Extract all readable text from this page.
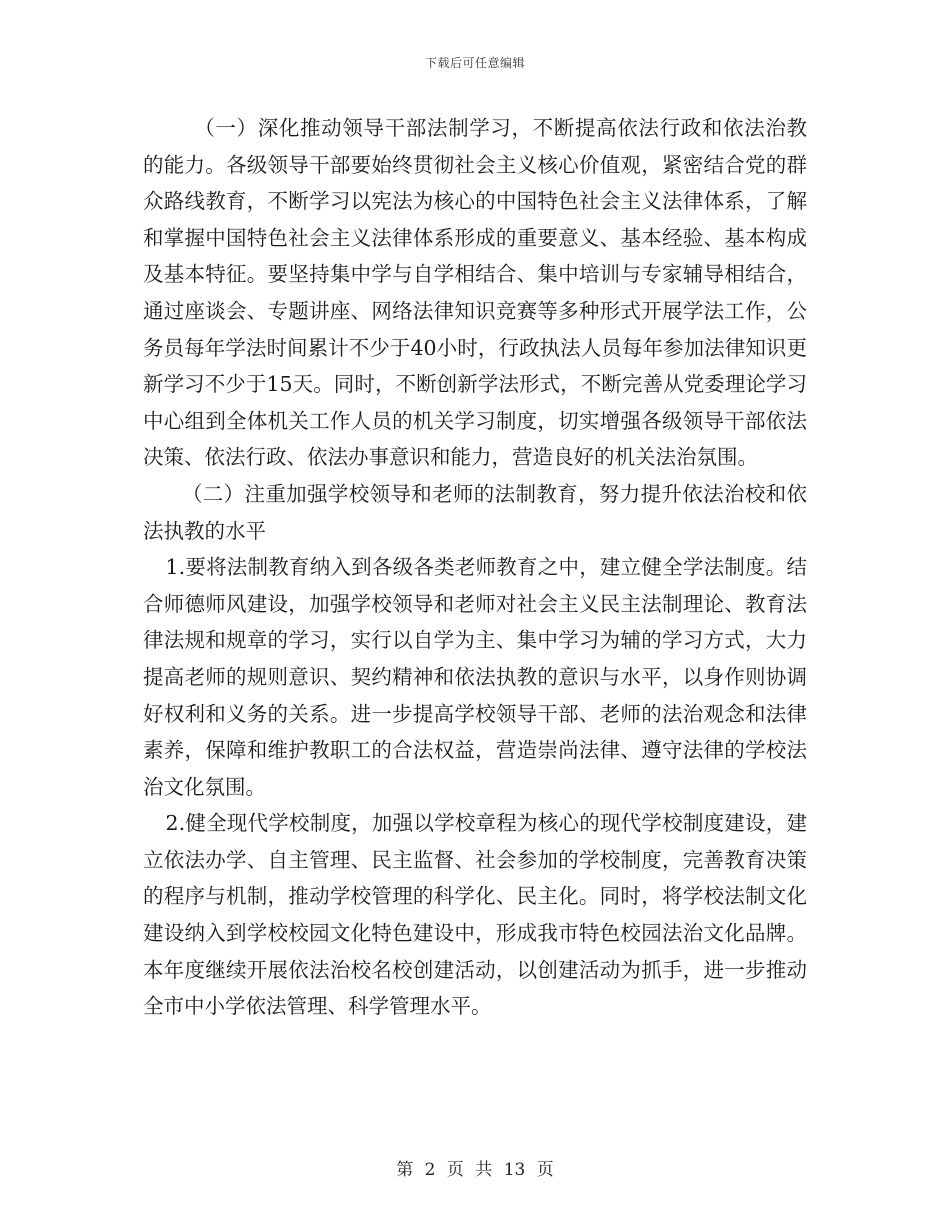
下载后可任意编辑

（一）深化推动领导干部法制学习，不断提高依法行政和依法治教的能力。各级领导干部要始终贯彻社会主义核心价值观，紧密结合党的群众路线教育，不断学习以宪法为核心的中国特色社会主义法律体系，了解和掌握中国特色社会主义法律体系形成的重要意义、基本经验、基本构成及基本特征。要坚持集中学与自学相结合、集中培训与专家辅导相结合，通过座谈会、专题讲座、网络法律知识竞赛等多种形式开展学法工作，公务员每年学法时间累计不少于40小时，行政执法人员每年参加法律知识更新学习不少于15天。同时，不断创新学法形式，不断完善从党委理论学习中心组到全体机关工作人员的机关学习制度，切实增强各级领导干部依法决策、依法行政、依法办事意识和能力，营造良好的机关法治氛围。

（二）注重加强学校领导和老师的法制教育，努力提升依法治校和依法执教的水平

1.要将法制教育纳入到各级各类老师教育之中，建立健全学法制度。结合师德师风建设，加强学校领导和老师对社会主义民主法制理论、教育法律法规和规章的学习，实行以自学为主、集中学习为辅的学习方式，大力提高老师的规则意识、契约精神和依法执教的意识与水平，以身作则协调好权利和义务的关系。进一步提高学校领导干部、老师的法治观念和法律素养，保障和维护教职工的合法权益，营造崇尚法律、遵守法律的学校法治文化氛围。

2.健全现代学校制度，加强以学校章程为核心的现代学校制度建设，建立依法办学、自主管理、民主监督、社会参加的学校制度，完善教育决策的程序与机制，推动学校管理的科学化、民主化。同时，将学校法制文化建设纳入到学校校园文化特色建设中，形成我市特色校园法治文化品牌。本年度继续开展依法治校名校创建活动，以创建活动为抓手，进一步推动全市中小学依法管理、科学管理水平。

第 2 页 共 13 页
